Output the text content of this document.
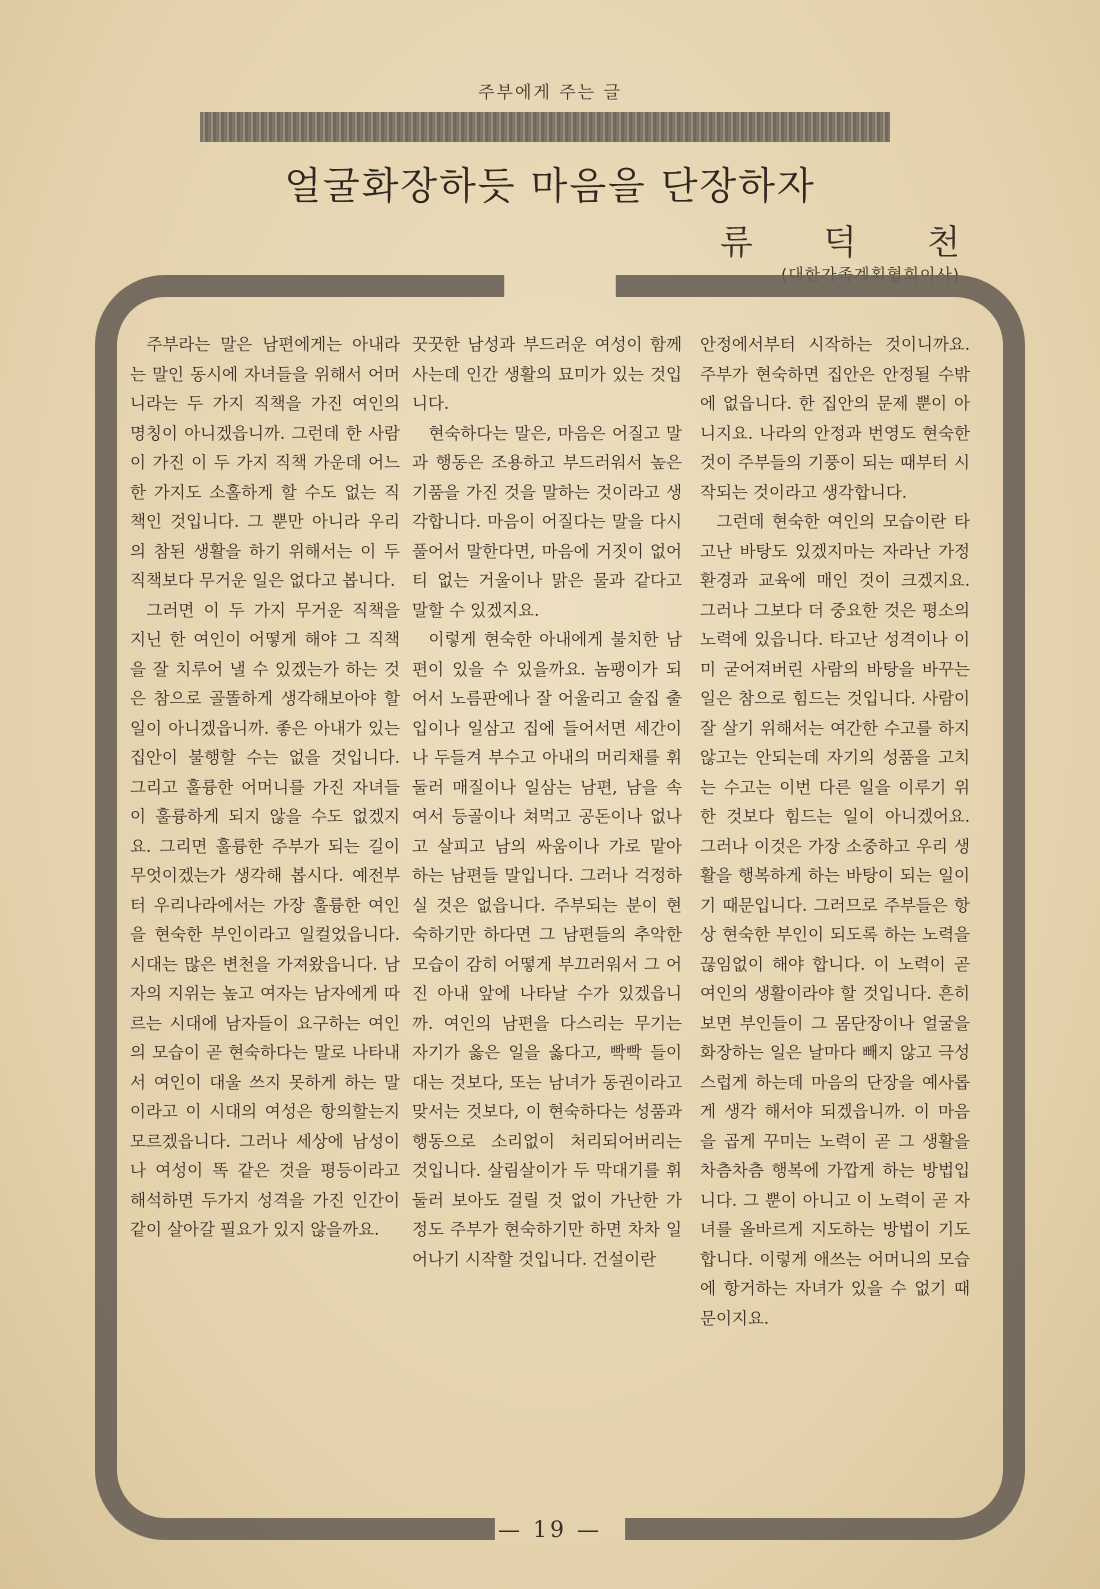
주부에게 주는 글
얼굴화장하듯 마음을 단장하자
류 덕 천
(대한가족계획협회이사)

주부라는 말은 남편에게는 아내라는 말인 동시에 자녀들을 위해서 어머니라는 두 가지 직책을 가진 여인의 명칭이 아니겠읍니까. 그런데 한 사람이 가진 이 두 가지 직책 가운데 어느 한 가지도 소홀하게 할 수도 없는 직책인 것입니다. 그 뿐만 아니라 우리의 참된 생활을 하기 위해서는 이 두 직책보다 무거운 일은 없다고 봅니다.

그러면 이 두 가지 무거운 직책을 지닌 한 여인이 어떻게 해야 그 직책을 잘 치루어 낼 수 있겠는가 하는 것은 참으로 골똘하게 생각해보아야 할 일이 아니겠읍니까. 좋은 아내가 있는 집안이 불행할 수는 없을 것입니다. 그리고 훌륭한 어머니를 가진 자녀들이 훌륭하게 되지 않을 수도 없겠지요. 그리면 훌륭한 주부가 되는 길이 무엇이겠는가 생각해 봅시다. 예전부터 우리나라에서는 가장 훌륭한 여인을 현숙한 부인이라고 일컬었읍니다. 시대는 많은 변천을 가져왔읍니다. 남자의 지위는 높고 여자는 남자에게 따르는 시대에 남자들이 요구하는 여인의 모습이 곧 현숙하다는 말로 나타내서 여인이 대울 쓰지 못하게 하는 말이라고 이 시대의 여성은 항의할는지 모르겠읍니다. 그러나 세상에 남성이나 여성이 똑 같은 것을 평등이라고 해석하면 두가지 성격을 가진 인간이 같이 살아갈 필요가 있지 않을까요.

꿋꿋한 남성과 부드러운 여성이 함께 사는데 인간 생활의 묘미가 있는 것입니다.

현숙하다는 말은, 마음은 어질고 말과 행동은 조용하고 부드러워서 높은 기품을 가진 것을 말하는 것이라고 생각합니다. 마음이 어질다는 말을 다시 풀어서 말한다면, 마음에 거짓이 없어 티 없는 거울이나 맑은 물과 같다고 말할 수 있겠지요.

이렇게 현숙한 아내에게 불치한 남편이 있을 수 있을까요. 놈팽이가 되어서 노름판에나 잘 어울리고 술집 출입이나 일삼고 집에 들어서면 세간이나 두들겨 부수고 아내의 머리채를 휘둘러 매질이나 일삼는 남편, 남을 속여서 등골이나 쳐먹고 공돈이나 없나고 살피고 남의 싸움이나 가로 맡아 하는 남편들 말입니다. 그러나 걱정하실 것은 없읍니다. 주부되는 분이 현숙하기만 하다면 그 남편들의 추악한 모습이 감히 어떻게 부끄러워서 그 어진 아내 앞에 나타날 수가 있겠읍니까. 여인의 남편을 다스리는 무기는 자기가 옳은 일을 옳다고, 빡빡 들이대는 것보다, 또는 남녀가 동권이라고 맞서는 것보다, 이 현숙하다는 성품과 행동으로 소리없이 처리되어버리는 것입니다. 살림살이가 두 막대기를 휘둘러 보아도 걸릴 것 없이 가난한 가정도 주부가 현숙하기만 하면 차차 일어나기 시작할 것입니다. 건설이란

안정에서부터 시작하는 것이니까요. 주부가 현숙하면 집안은 안정될 수밖에 없읍니다. 한 집안의 문제 뿐이 아니지요. 나라의 안정과 번영도 현숙한 것이 주부들의 기풍이 되는 때부터 시작되는 것이라고 생각합니다.

그런데 현숙한 여인의 모습이란 타고난 바탕도 있겠지마는 자라난 가정 환경과 교육에 매인 것이 크겠지요. 그러나 그보다 더 중요한 것은 평소의 노력에 있읍니다. 타고난 성격이나 이미 굳어져버린 사람의 바탕을 바꾸는 일은 참으로 힘드는 것입니다. 사람이 잘 살기 위해서는 여간한 수고를 하지 않고는 안되는데 자기의 성품을 고치는 수고는 이번 다른 일을 이루기 위한 것보다 힘드는 일이 아니겠어요. 그러나 이것은 가장 소중하고 우리 생활을 행복하게 하는 바탕이 되는 일이기 때문입니다. 그러므로 주부들은 항상 현숙한 부인이 되도록 하는 노력을 끊임없이 해야 합니다. 이 노력이 곧 여인의 생활이라야 할 것입니다. 흔히 보면 부인들이 그 몸단장이나 얼굴을 화장하는 일은 날마다 빼지 않고 극성스럽게 하는데 마음의 단장을 예사롭게 생각 해서야 되겠읍니까. 이 마음을 곱게 꾸미는 노력이 곧 그 생활을 차츰차츰 행복에 가깝게 하는 방법입니다. 그 뿐이 아니고 이 노력이 곧 자녀를 올바르게 지도하는 방법이 기도 합니다. 이렇게 애쓰는 어머니의 모습에 항거하는 자녀가 있을 수 없기 때문이지요.

— 19 —
